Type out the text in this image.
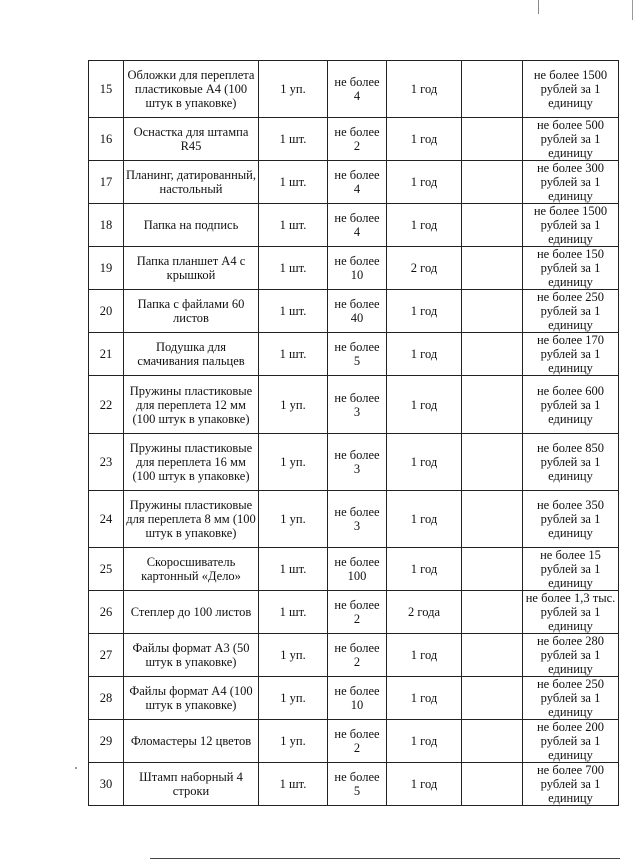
15	Обложки для переплета пластиковые А4 (100 штук в упаковке)	1 уп.	не более 4	1 год		не более 1500 рублей за 1 единицу
16	Оснастка для штампа R45	1 шт.	не более 2	1 год		не более 500 рублей за 1 единицу
17	Планинг, датированный, настольный	1 шт.	не более 4	1 год		не более 300 рублей за 1 единицу
18	Папка на подпись	1 шт.	не более 4	1 год		не более 1500 рублей за 1 единицу
19	Папка планшет А4 с крышкой	1 шт.	не более 10	2 год		не более 150 рублей за 1 единицу
20	Папка с файлами 60 листов	1 шт.	не более 40	1 год		не более 250 рублей за 1 единицу
21	Подушка для смачивания пальцев	1 шт.	не более 5	1 год		не более 170 рублей за 1 единицу
22	Пружины пластиковые для переплета 12 мм (100 штук в упаковке)	1 уп.	не более 3	1 год		не более 600 рублей за 1 единицу
23	Пружины пластиковые для переплета 16 мм (100 штук в упаковке)	1 уп.	не более 3	1 год		не более 850 рублей за 1 единицу
24	Пружины пластиковые для переплета 8 мм (100 штук в упаковке)	1 уп.	не более 3	1 год		не более 350 рублей за 1 единицу
25	Скоросшиватель картонный «Дело»	1 шт.	не более 100	1 год		не более 15 рублей за 1 единицу
26	Степлер до 100 листов	1 шт.	не более 2	2 года		не более 1,3 тыс. рублей за 1 единицу
27	Файлы формат А3 (50 штук в упаковке)	1 уп.	не более 2	1 год		не более 280 рублей за 1 единицу
28	Файлы формат А4 (100 штук в упаковке)	1 уп.	не более 10	1 год		не более 250 рублей за 1 единицу
29	Фломастеры 12 цветов	1 уп.	не более 2	1 год		не более 200 рублей за 1 единицу
30	Штамп наборный 4 строки	1 шт.	не более 5	1 год		не более 700 рублей за 1 единицу
